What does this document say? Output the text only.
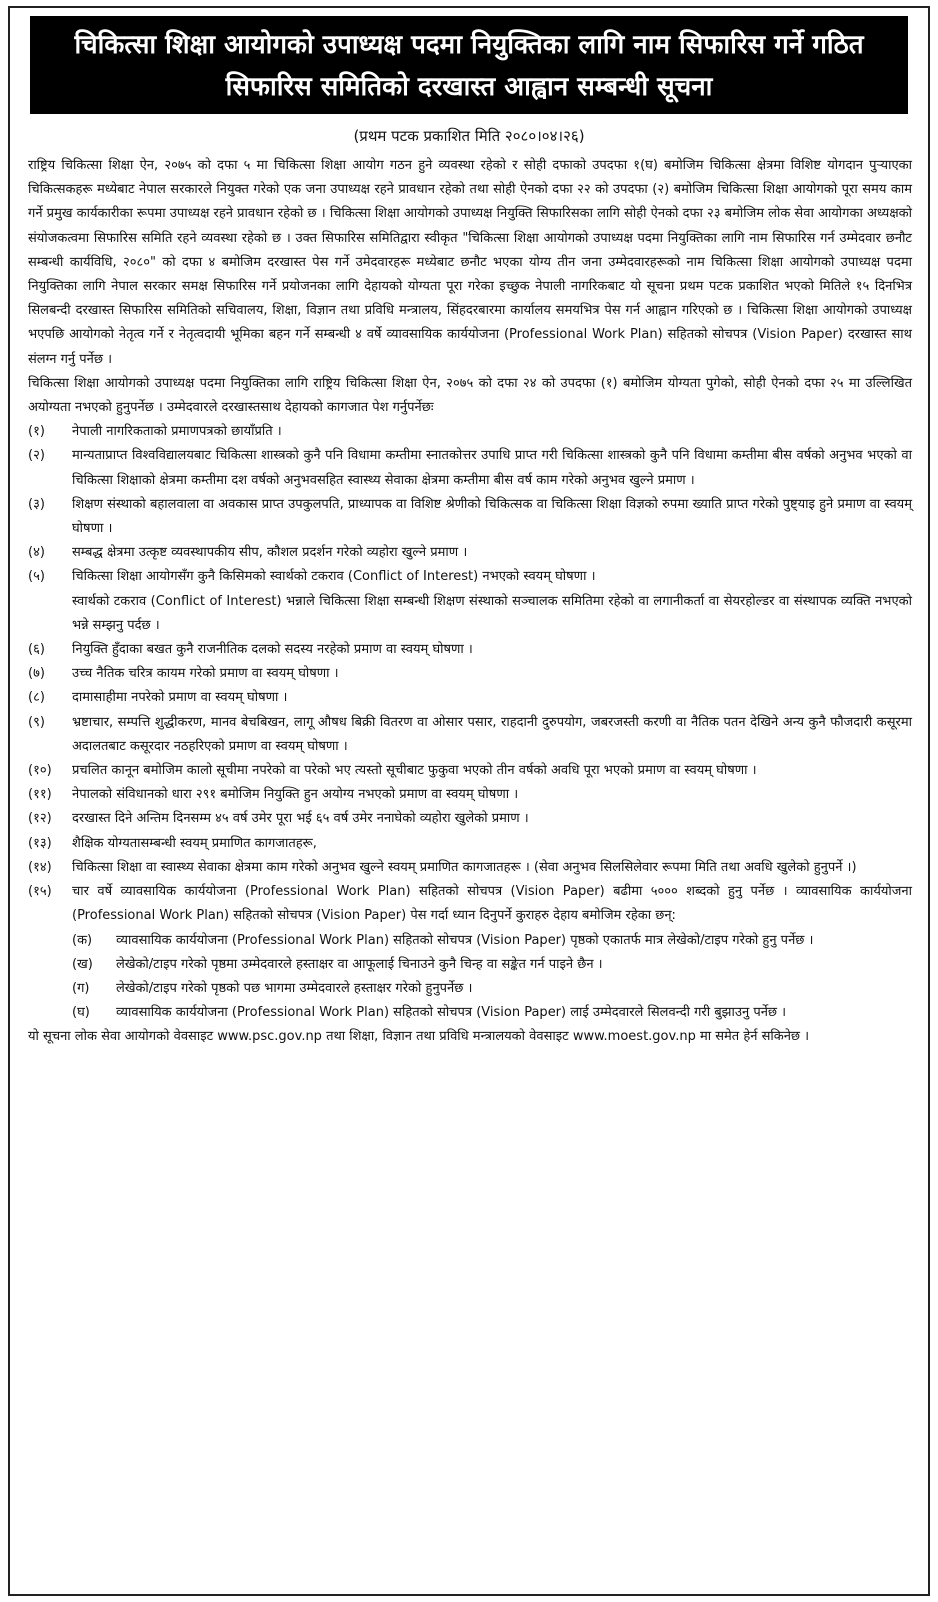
चिकित्सा शिक्षा आयोगको उपाध्यक्ष पदमा नियुक्तिका लागि नाम सिफारिस गर्ने गठित
सिफारिस समितिको दरखास्त आह्वान सम्बन्धी सूचना
(प्रथम पटक प्रकाशित मिति २०८०।०४।२६)

राष्ट्रिय चिकित्सा शिक्षा ऐन, २०७५ को दफा ५ मा चिकित्सा शिक्षा आयोग गठन हुने व्यवस्था रहेको र सोही दफाको उपदफा १(घ) बमोजिम चिकित्सा क्षेत्रमा विशिष्ट योगदान पुऱ्याएका चिकित्सकहरू मध्येबाट नेपाल सरकारले नियुक्त गरेको एक जना उपाध्यक्ष रहने प्रावधान रहेको तथा सोही ऐनको दफा २२ को उपदफा (२) बमोजिम चिकित्सा शिक्षा आयोगको पूरा समय काम गर्ने प्रमुख कार्यकारीका रूपमा उपाध्यक्ष रहने प्रावधान रहेको छ । चिकित्सा शिक्षा आयोगको उपाध्यक्ष नियुक्ति सिफारिसका लागि सोही ऐनको दफा २३ बमोजिम लोक सेवा आयोगका अध्यक्षको संयोजकत्वमा सिफारिस समिति रहने व्यवस्था रहेको छ । उक्त सिफारिस समितिद्वारा स्वीकृत "चिकित्सा शिक्षा आयोगको उपाध्यक्ष पदमा नियुक्तिका लागि नाम सिफारिस गर्न उम्मेदवार छनौट सम्बन्धी कार्यविधि, २०८०" को दफा ४ बमोजिम दरखास्त पेस गर्ने उमेदवारहरू मध्येबाट छनौट भएका योग्य तीन जना उम्मेदवारहरूको नाम चिकित्सा शिक्षा आयोगको उपाध्यक्ष पदमा नियुक्तिका लागि नेपाल सरकार समक्ष सिफारिस गर्ने प्रयोजनका लागि देहायको योग्यता पूरा गरेका इच्छुक नेपाली नागरिकबाट यो सूचना प्रथम पटक प्रकाशित भएको मितिले १५ दिनभित्र सिलबन्दी दरखास्त सिफारिस समितिको सचिवालय, शिक्षा, विज्ञान तथा प्रविधि मन्त्रालय, सिंहदरबारमा कार्यालय समयभित्र पेस गर्न आह्वान गरिएको छ । चिकित्सा शिक्षा आयोगको उपाध्यक्ष भएपछि आयोगको नेतृत्व गर्ने र नेतृत्वदायी भूमिका बहन गर्ने सम्बन्धी ४ वर्षे व्यावसायिक कार्ययोजना (Professional Work Plan) सहितको सोचपत्र (Vision Paper) दरखास्त साथ संलग्न गर्नु पर्नेछ ।

चिकित्सा शिक्षा आयोगको उपाध्यक्ष पदमा नियुक्तिका लागि राष्ट्रिय चिकित्सा शिक्षा ऐन, २०७५ को दफा २४ को उपदफा (१) बमोजिम योग्यता पुगेको, सोही ऐनको दफा २५ मा उल्लिखित अयोग्यता नभएको हुनुपर्नेछ । उम्मेदवारले दरखास्तसाथ देहायको कागजात पेश गर्नुपर्नेछः

(१)	नेपाली नागरिकताको प्रमाणपत्रको छायाँप्रति ।
(२)	मान्यताप्राप्त विश्वविद्यालयबाट चिकित्सा शास्त्रको कुनै पनि विधामा कम्तीमा स्नातकोत्तर उपाधि प्राप्त गरी चिकित्सा शास्त्रको कुनै पनि विधामा कम्तीमा बीस वर्षको अनुभव भएको वा चिकित्सा शिक्षाको क्षेत्रमा कम्तीमा दश वर्षको अनुभवसहित स्वास्थ्य सेवाका क्षेत्रमा कम्तीमा बीस वर्ष काम गरेको अनुभव खुल्ने प्रमाण ।
(३)	शिक्षण संस्थाको बहालवाला वा अवकास प्राप्त उपकुलपति, प्राध्यापक वा विशिष्ट श्रेणीको चिकित्सक वा चिकित्सा शिक्षा विज्ञको रुपमा ख्याति प्राप्त गरेको पुष्ट्याइ हुने प्रमाण वा स्वयम् घोषणा ।
(४)	सम्बद्ध क्षेत्रमा उत्कृष्ट व्यवस्थापकीय सीप, कौशल प्रदर्शन गरेको व्यहोरा खुल्ने प्रमाण ।
(५)	चिकित्सा शिक्षा आयोगसँग कुनै किसिमको स्वार्थको टकराव (Conflict of Interest) नभएको स्वयम् घोषणा ।

स्वार्थको टकराव (Conflict of Interest) भन्नाले चिकित्सा शिक्षा सम्बन्धी शिक्षण संस्थाको सञ्चालक समितिमा रहेको वा लगानीकर्ता वा सेयरहोल्डर वा संस्थापक व्यक्ति नभएको भन्ने सम्झनु पर्दछ ।

(६)	नियुक्ति हुँदाका बखत कुनै राजनीतिक दलको सदस्य नरहेको प्रमाण वा स्वयम् घोषणा ।
(७)	उच्च नैतिक चरित्र कायम गरेको प्रमाण वा स्वयम् घोषणा ।
(८)	दामासाहीमा नपरेको प्रमाण वा स्वयम् घोषणा ।
(९)	भ्रष्टाचार, सम्पत्ति शुद्धीकरण, मानव बेचबिखन, लागू औषध बिक्री वितरण वा ओसार पसार, राहदानी दुरुपयोग, जबरजस्ती करणी वा नैतिक पतन देखिने अन्य कुनै फौजदारी कसूरमा अदालतबाट कसूरदार नठहरिएको प्रमाण वा स्वयम् घोषणा ।
(१०)	प्रचलित कानून बमोजिम कालो सूचीमा नपरेको वा परेको भए त्यस्तो सूचीबाट फुकुवा भएको तीन वर्षको अवधि पूरा भएको प्रमाण वा स्वयम् घोषणा ।
(११)	नेपालको संविधानको धारा २९१ बमोजिम नियुक्ति हुन अयोग्य नभएको प्रमाण वा स्वयम् घोषणा ।
(१२)	दरखास्त दिने अन्तिम दिनसम्म ४५ वर्ष उमेर पूरा भई ६५ वर्ष उमेर ननाघेको व्यहोरा खुलेको प्रमाण ।
(१३)	शैक्षिक योग्यतासम्बन्धी स्वयम् प्रमाणित कागजातहरू,
(१४)	चिकित्सा शिक्षा वा स्वास्थ्य सेवाका क्षेत्रमा काम गरेको अनुभव खुल्ने स्वयम् प्रमाणित कागजातहरू । (सेवा अनुभव सिलसिलेवार रूपमा मिति तथा अवधि खुलेको हुनुपर्ने ।)
(१५)	चार वर्षे व्यावसायिक कार्ययोजना (Professional Work Plan) सहितको सोचपत्र (Vision Paper) बढीमा ५००० शब्दको हुनु पर्नेछ । व्यावसायिक कार्ययोजना (Professional Work Plan) सहितको सोचपत्र (Vision Paper) पेस गर्दा ध्यान दिनुपर्ने कुराहरु देहाय बमोजिम रहेका छन्:
(क)	व्यावसायिक कार्ययोजना (Professional Work Plan) सहितको सोचपत्र (Vision Paper) पृष्ठको एकातर्फ मात्र लेखेको/टाइप गरेको हुनु पर्नेछ ।
(ख)	लेखेको/टाइप गरेको पृष्ठमा उम्मेदवारले हस्ताक्षर वा आफूलाई चिनाउने कुनै चिन्ह वा सङ्केत गर्न पाइने छैन ।
(ग)	लेखेको/टाइप गरेको पृष्ठको पछ भागमा उम्मेदवारले हस्ताक्षर गरेको हुनुपर्नेछ ।
(घ)	व्यावसायिक कार्ययोजना (Professional Work Plan) सहितको सोचपत्र (Vision Paper) लाई उम्मेदवारले सिलवन्दी गरी बुझाउनु पर्नेछ ।

यो सूचना लोक सेवा आयोगको वेवसाइट www.psc.gov.np तथा शिक्षा, विज्ञान तथा प्रविधि मन्त्रालयको वेवसाइट www.moest.gov.np मा समेत हेर्न सकिनेछ ।
